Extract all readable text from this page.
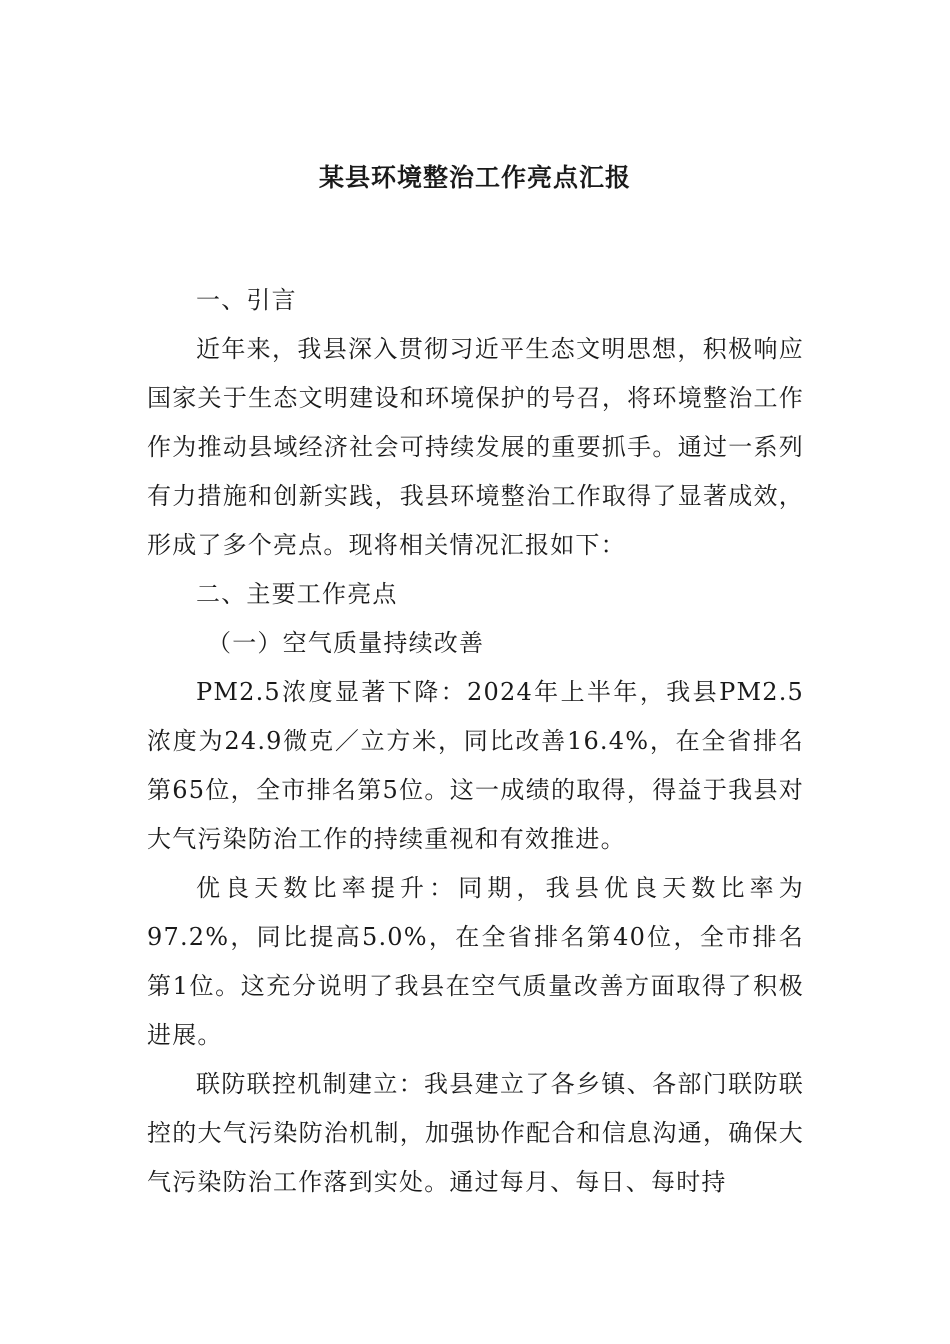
某县环境整治工作亮点汇报

一、引言

近年来，我县深入贯彻习近平生态文明思想，积极响应国家关于生态文明建设和环境保护的号召，将环境整治工作作为推动县域经济社会可持续发展的重要抓手。通过一系列有力措施和创新实践，我县环境整治工作取得了显著成效，形成了多个亮点。现将相关情况汇报如下：

二、主要工作亮点

（一）空气质量持续改善

PM2.5浓度显著下降：2024年上半年，我县PM2.5浓度为24.9微克／立方米，同比改善16.4%，在全省排名第65位，全市排名第5位。这一成绩的取得，得益于我县对大气污染防治工作的持续重视和有效推进。

优良天数比率提升：同期，我县优良天数比率为97.2%，同比提高5.0%，在全省排名第40位，全市排名第1位。这充分说明了我县在空气质量改善方面取得了积极进展。

联防联控机制建立：我县建立了各乡镇、各部门联防联控的大气污染防治机制，加强协作配合和信息沟通，确保大气污染防治工作落到实处。通过每月、每日、每时持
